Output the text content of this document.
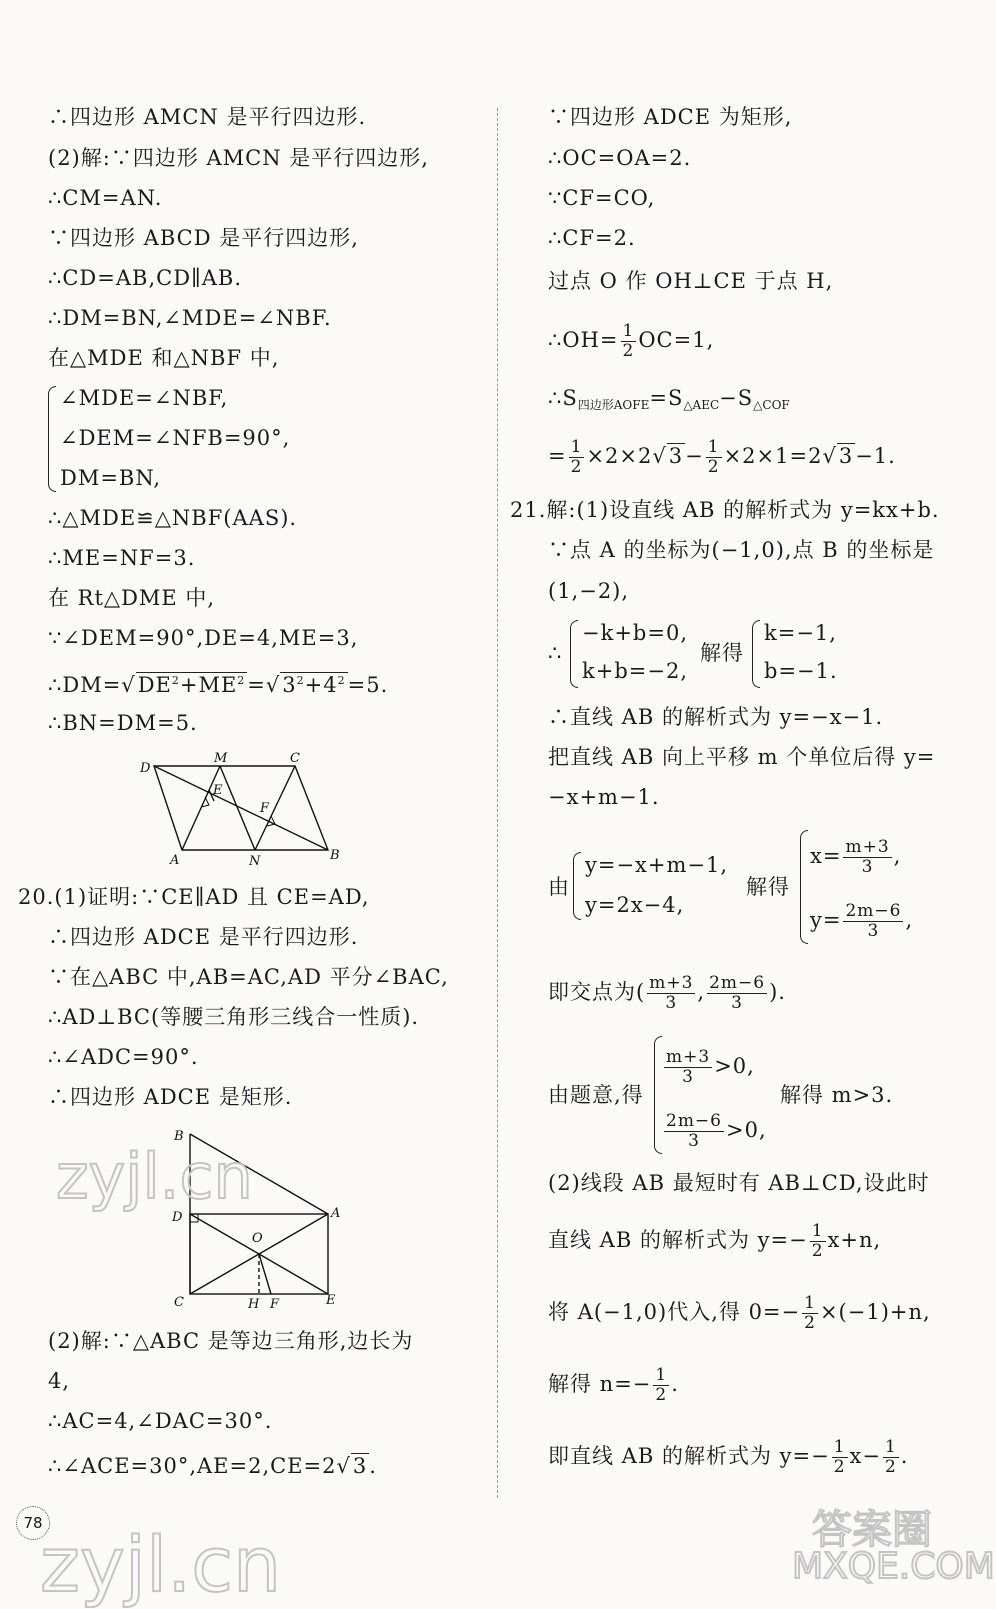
∴四边形 AMCN 是平行四边形.
(2)解:∵四边形 AMCN 是平行四边形,
∴CM=AN.
∵四边形 ABCD 是平行四边形,
∴CD=AB,CD∥AB.
∴DM=BN,∠MDE=∠NBF.
在△MDE 和△NBF 中,
∠MDE=∠NBF,
∠DEM=∠NFB=90°,
DM=BN,
∴△MDE≌△NBF(AAS).
∴ME=NF=3.
在 Rt△DME 中,
∵∠DEM=90°,DE=4,ME=3,
$\therefore DM=√DE^2+ME^2=√3^2+4^2=5$.
∴BN=DM=5.
D
M	C
E
F
A	N	B
20.(1)证明:∵CE∥AD 且 CE=AD,
∴四边形 ADCE 是平行四边形.
∵在△ABC 中,AB=AC,AD 平分∠BAC,
∴AD⊥BC(等腰三角形三线合一性质).
∴∠ADC=90°.
∴四边形 ADCE 是矩形.
B
D	A
O
C	H F	E
(2)解:∵△ABC 是等边三角形,边长为
4,
∴AC=4,∠DAC=30°.
∴∠ACE=30°,AE=2,CE=2√3.
∵四边形 ADCE 为矩形,
∴OC=OA=2.
∵CF=CO,
∴CF=2.
过点 O 作 OH⊥CE 于点 H,
∴OH= $\frac{1}{2} OC=1$,
$\therefore S_{四边形AOFE}=S_{\triangle AEC}-S_{\triangle COF}$
= $\frac{1}{2} \times 2\times 2√3- \frac{1}{2} \times 2\times 1=2√3-1$.
21.解:(1)设直线 AB 的解析式为 y=kx+b.
∵点 A 的坐标为(−1,0),点 B 的坐标是
(1,−2),
∴
−k+b=0,
k+b=−2,
解得
k=−1,
b=−1.
∴直线 AB 的解析式为 y=−x−1.
把直线 AB 向上平移 m 个单位后得 y=
−x+m−1.
由
y=−x+m−1,
y=2x−4,
解得
$x= \frac{m+3}{3}$ ,
$y= \frac{2m-6}{3}$ ,
即交点为( $\frac{m+3}{3}$ , $\frac{2m-6}{3}$ ).
由题意,得
$\frac{m+3}{3} >0$,
$\frac{2m-6}{3} >0$,
解得 m>3.
(2)线段 AB 最短时有 AB⊥CD,设此时
直线 AB 的解析式为 $y=- \frac{1}{2} x+n$,
将 A(−1,0)代入,得 $0=- \frac{1}{2} \times(-1)+n$,
解得 $n=- \frac{1}{2}$ .
即直线 AB 的解析式为 $y=- \frac{1}{2} x- \frac{1}{2}$ .
78
zyjl.cn
zyjl.cn	答案圈
MXQE.COM
